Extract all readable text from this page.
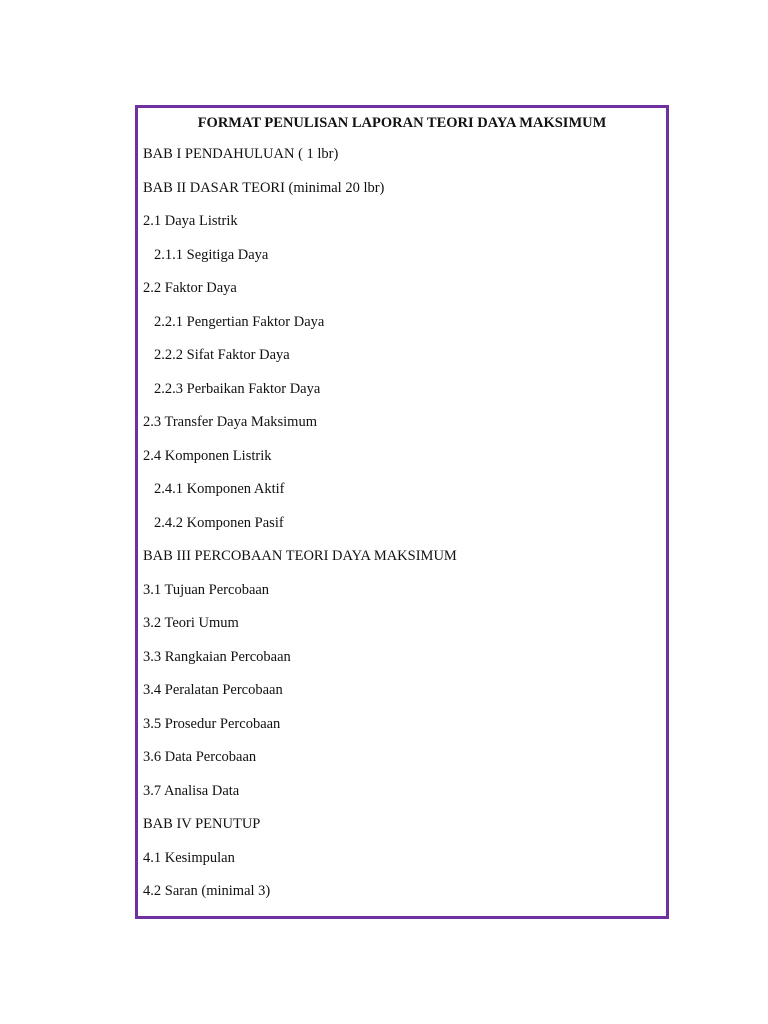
FORMAT PENULISAN LAPORAN TEORI DAYA MAKSIMUM
BAB I PENDAHULUAN ( 1 lbr)
BAB II DASAR TEORI (minimal 20 lbr)
2.1 Daya Listrik
2.1.1 Segitiga Daya
2.2 Faktor Daya
2.2.1 Pengertian Faktor Daya
2.2.2 Sifat Faktor Daya
2.2.3 Perbaikan Faktor Daya
2.3 Transfer Daya Maksimum
2.4 Komponen Listrik
2.4.1 Komponen Aktif
2.4.2 Komponen Pasif
BAB III PERCOBAAN TEORI DAYA MAKSIMUM
3.1 Tujuan Percobaan
3.2 Teori Umum
3.3 Rangkaian Percobaan
3.4 Peralatan Percobaan
3.5 Prosedur Percobaan
3.6 Data Percobaan
3.7 Analisa Data
BAB IV PENUTUP
4.1 Kesimpulan
4.2 Saran (minimal 3)
